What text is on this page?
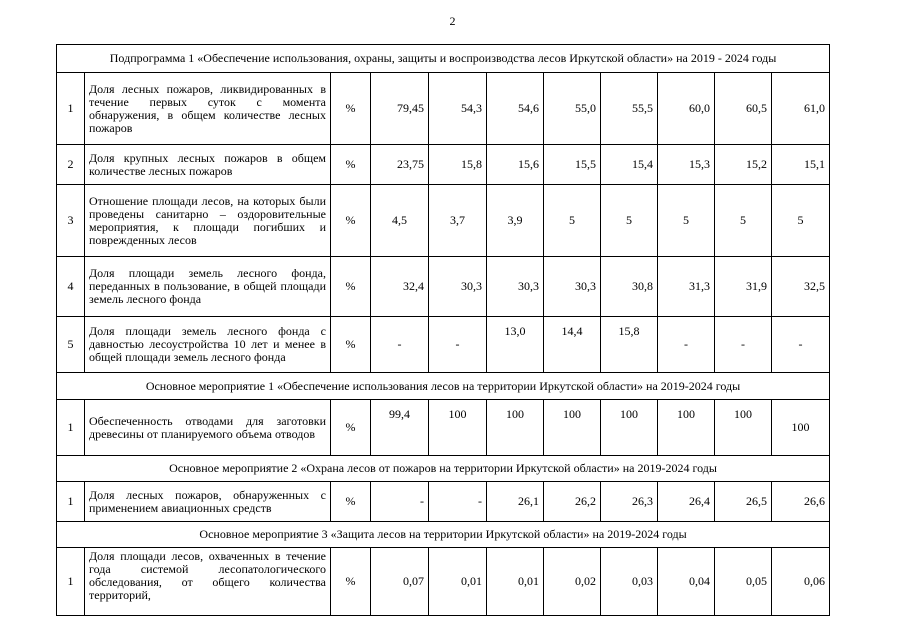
2
Подпрограмма 1 «Обеспечение использования, охраны, защиты и воспроизводства лесов Иркутской области» на 2019 - 2024 годы										
1	Доля лесных пожаров, ликвидированных в течение первых суток с момента обнаружения, в общем количестве лесных пожаров	%	79,45	54,3	54,6	55,0	55,5	60,0	60,5	61,0
2	Доля крупных лесных пожаров в общем количестве лесных пожаров	%	23,75	15,8	15,6	15,5	15,4	15,3	15,2	15,1
3	Отношение площади лесов, на которых были проведены санитарно – оздоровительные мероприятия, к площади погибших и поврежденных лесов	%	4,5	3,7	3,9	5	5	5	5	5
4	Доля площади земель лесного фонда, переданных в пользование, в общей площади земель лесного фонда	%	32,4	30,3	30,3	30,3	30,8	31,3	31,9	32,5
5	Доля площади земель лесного фонда с давностью лесоустройства 10 лет и менее в общей площади земель лесного фонда	%	-	-	13,0	14,4	15,8	-	-	-
Основное мероприятие 1 «Обеспечение использования лесов на территории Иркутской области» на 2019-2024 годы										
1	Обеспеченность отводами для заготовки древесины от планируемого объема отводов	%	99,4	100	100	100	100	100	100	100
Основное мероприятие 2 «Охрана лесов от пожаров на территории Иркутской области» на 2019-2024 годы										
1	Доля лесных пожаров, обнаруженных с применением авиационных средств	%	-	-	26,1	26,2	26,3	26,4	26,5	26,6
Основное мероприятие 3 «Защита лесов на территории Иркутской области» на 2019-2024 годы										
1	Доля площади лесов, охваченных в течение года системой лесопатологического обследования, от общего количества территорий,	%	0,07	0,01	0,01	0,02	0,03	0,04	0,05	0,06
